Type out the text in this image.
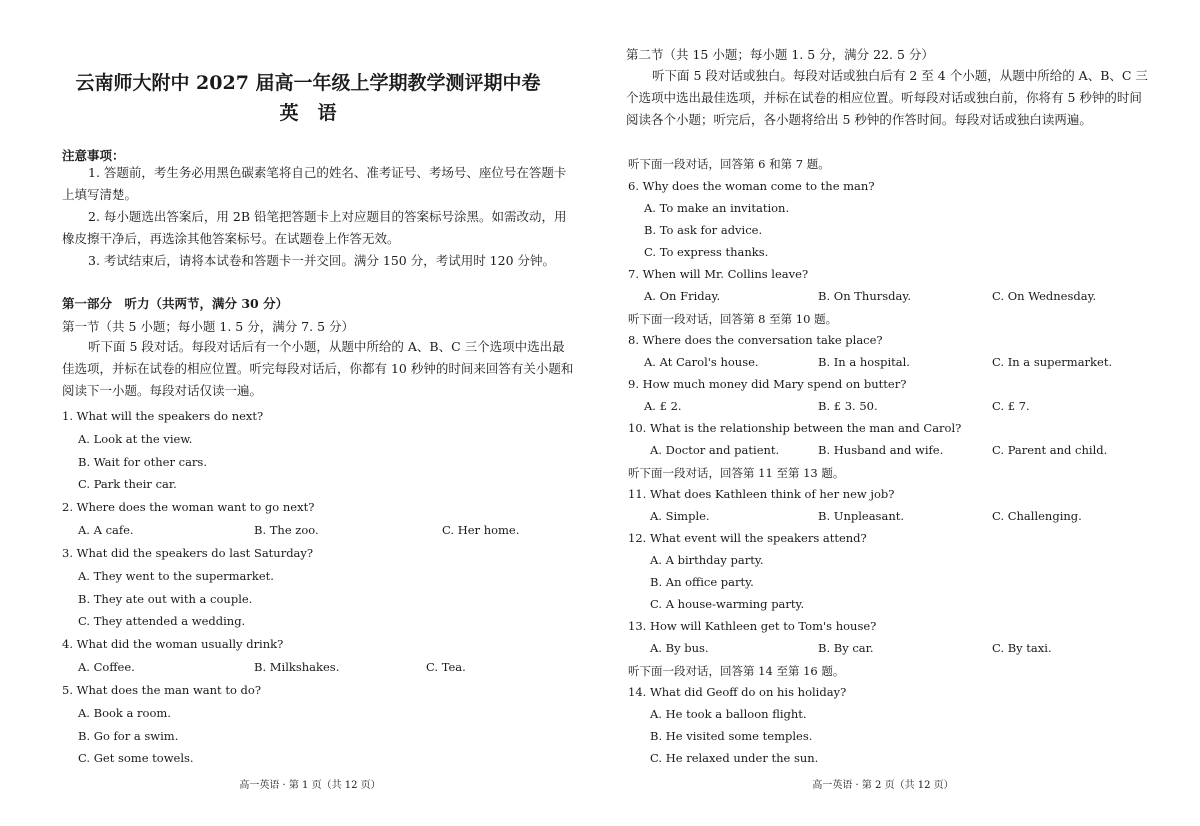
云南师大附中 2027 届高一年级上学期教学测评期中卷
英　语
注意事项：
1. 答题前，考生务必用黑色碳素笔将自己的姓名、准考证号、考场号、座位号在答题卡上填写清楚。
2. 每小题选出答案后，用 2B 铅笔把答题卡上对应题目的答案标号涂黑。如需改动，用橡皮擦干净后，再选涂其他答案标号。在试题卷上作答无效。
3. 考试结束后，请将本试卷和答题卡一并交回。满分 150 分，考试用时 120 分钟。
第一部分　听力（共两节，满分 30 分）
第一节（共 5 小题；每小题 1. 5 分，满分 7. 5 分）
听下面 5 段对话。每段对话后有一个小题，从题中所给的 A、B、C 三个选项中选出最佳选项，并标在试卷的相应位置。听完每段对话后，你都有 10 秒钟的时间来回答有关小题和阅读下一小题。每段对话仅读一遍。
1. What will the speakers do next?
A. Look at the view.
B. Wait for other cars.
C. Park their car.
2. Where does the woman want to go next?
A. A cafe.	B. The zoo.	C. Her home.
3. What did the speakers do last Saturday?
A. They went to the supermarket.
B. They ate out with a couple.
C. They attended a wedding.
4. What did the woman usually drink?
A. Coffee.	B. Milkshakes.	C. Tea.
5. What does the man want to do?
A. Book a room.
B. Go for a swim.
C. Get some towels.
高一英语 · 第 1 页（共 12 页）
第二节（共 15 小题；每小题 1. 5 分，满分 22. 5 分）
听下面 5 段对话或独白。每段对话或独白后有 2 至 4 个小题，从题中所给的 A、B、C 三个选项中选出最佳选项，并标在试卷的相应位置。听每段对话或独白前，你将有 5 秒钟的时间阅读各个小题；听完后，各小题将给出 5 秒钟的作答时间。每段对话或独白读两遍。
听下面一段对话，回答第 6 和第 7 题。
6. Why does the woman come to the man?
A. To make an invitation.
B. To ask for advice.
C. To express thanks.
7. When will Mr. Collins leave?
A. On Friday.	B. On Thursday.	C. On Wednesday.
听下面一段对话，回答第 8 至第 10 题。
8. Where does the conversation take place?
A. At Carol's house.	B. In a hospital.	C. In a supermarket.
9. How much money did Mary spend on butter?
A. £ 2.	B. £ 3. 50.	C. £ 7.
10. What is the relationship between the man and Carol?
A. Doctor and patient.	B. Husband and wife.	C. Parent and child.
听下面一段对话，回答第 11 至第 13 题。
11. What does Kathleen think of her new job?
A. Simple.	B. Unpleasant.	C. Challenging.
12. What event will the speakers attend?
A. A birthday party.
B. An office party.
C. A house-warming party.
13. How will Kathleen get to Tom's house?
A. By bus.	B. By car.	C. By taxi.
听下面一段对话，回答第 14 至第 16 题。
14. What did Geoff do on his holiday?
A. He took a balloon flight.
B. He visited some temples.
C. He relaxed under the sun.
高一英语 · 第 2 页（共 12 页）
